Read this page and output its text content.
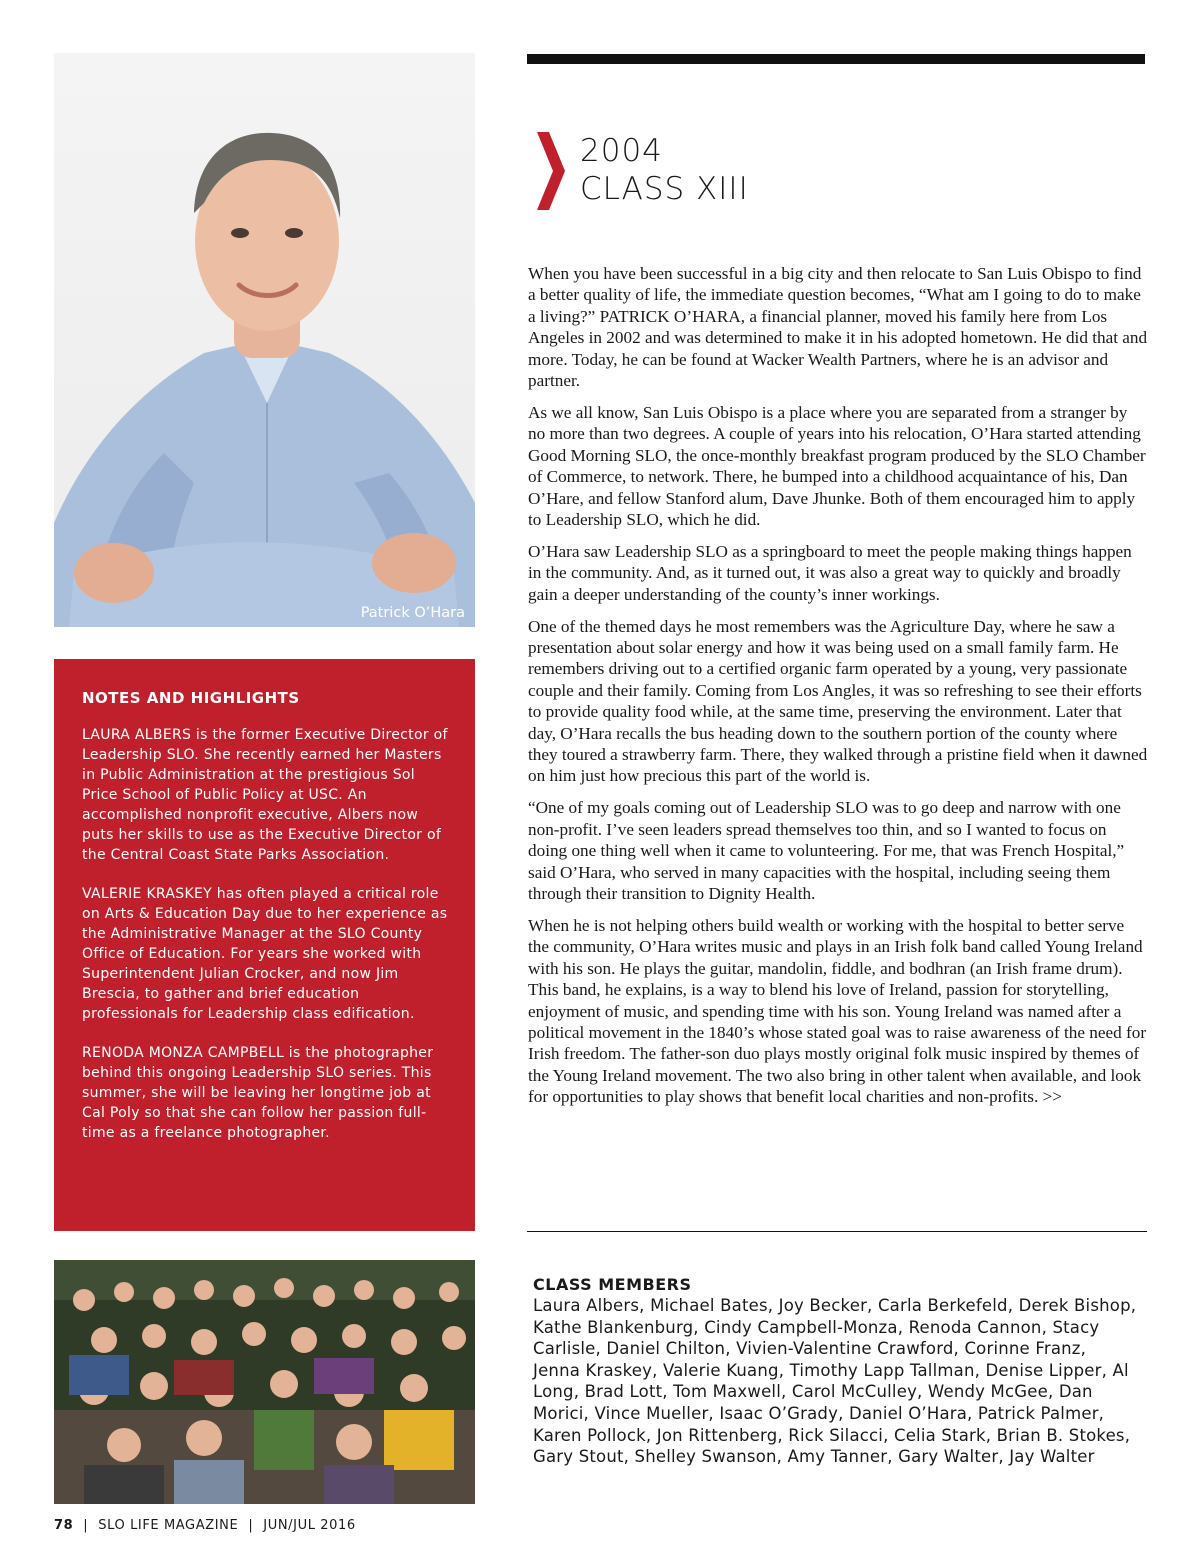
Patrick O’Hara
2004
CLASS XIII

When you have been successful in a big city and then relocate to San Luis Obispo to find a better quality of life, the immediate question becomes, “What am I going to do to make a living?” PATRICK O’HARA, a financial planner, moved his family here from Los Angeles in 2002 and was determined to make it in his adopted hometown. He did that and more. Today, he can be found at Wacker Wealth Partners, where he is an advisor and partner.

As we all know, San Luis Obispo is a place where you are separated from a stranger by no more than two degrees. A couple of years into his relocation, O’Hara started attending Good Morning SLO, the once-monthly breakfast program produced by the SLO Chamber of Commerce, to network. There, he bumped into a childhood acquaintance of his, Dan O’Hare, and fellow Stanford alum, Dave Jhunke. Both of them encouraged him to apply to Leadership SLO, which he did.

O’Hara saw Leadership SLO as a springboard to meet the people making things happen in the community. And, as it turned out, it was also a great way to quickly and broadly gain a deeper understanding of the county’s inner workings.

One of the themed days he most remembers was the Agriculture Day, where he saw a presentation about solar energy and how it was being used on a small family farm. He remembers driving out to a certified organic farm operated by a young, very passionate couple and their family. Coming from Los Angles, it was so refreshing to see their efforts to provide quality food while, at the same time, preserving the environment. Later that day, O’Hara recalls the bus heading down to the southern portion of the county where they toured a strawberry farm. There, they walked through a pristine field when it dawned on him just how precious this part of the world is.

“One of my goals coming out of Leadership SLO was to go deep and narrow with one non-profit. I’ve seen leaders spread themselves too thin, and so I wanted to focus on doing one thing well when it came to volunteering. For me, that was French Hospital,” said O’Hara, who served in many capacities with the hospital, including seeing them through their transition to Dignity Health.

When he is not helping others build wealth or working with the hospital to better serve the community, O’Hara writes music and plays in an Irish folk band called Young Ireland with his son. He plays the guitar, mandolin, fiddle, and bodhran (an Irish frame drum). This band, he explains, is a way to blend his love of Ireland, passion for storytelling, enjoyment of music, and spending time with his son. Young Ireland was named after a political movement in the 1840’s whose stated goal was to raise awareness of the need for Irish freedom. The father-son duo plays mostly original folk music inspired by themes of the Young Ireland movement. The two also bring in other talent when available, and look for opportunities to play shows that benefit local charities and non-profits. >>

NOTES AND HIGHLIGHTS

LAURA ALBERS is the former Executive Director of Leadership SLO. She recently earned her Masters in Public Administration at the prestigious Sol Price School of Public Policy at USC. An accomplished nonprofit executive, Albers now puts her skills to use as the Executive Director of the Central Coast State Parks Association.

VALERIE KRASKEY has often played a critical role on Arts & Education Day due to her experience as the Administrative Manager at the SLO County Office of Education. For years she worked with Superintendent Julian Crocker, and now Jim Brescia, to gather and brief education professionals for Leadership class edification.

RENODA MONZA CAMPBELL is the photographer behind this ongoing Leadership SLO series. This summer, she will be leaving her longtime job at Cal Poly so that she can follow her passion full-time as a freelance photographer.

CLASS MEMBERS
Laura Albers, Michael Bates, Joy Becker, Carla Berkefeld, Derek Bishop, Kathe Blankenburg, Cindy Campbell-Monza, Renoda Cannon, Stacy Carlisle, Daniel Chilton, Vivien-Valentine Crawford, Corinne Franz, Jenna Kraskey, Valerie Kuang, Timothy Lapp Tallman, Denise Lipper, Al Long, Brad Lott, Tom Maxwell, Carol McCulley, Wendy McGee, Dan Morici, Vince Mueller, Isaac O’Grady, Daniel O’Hara, Patrick Palmer, Karen Pollock, Jon Rittenberg, Rick Silacci, Celia Stark, Brian B. Stokes, Gary Stout, Shelley Swanson, Amy Tanner, Gary Walter, Jay Walter
78 | SLO LIFE MAGAZINE | JUN/JUL 2016
